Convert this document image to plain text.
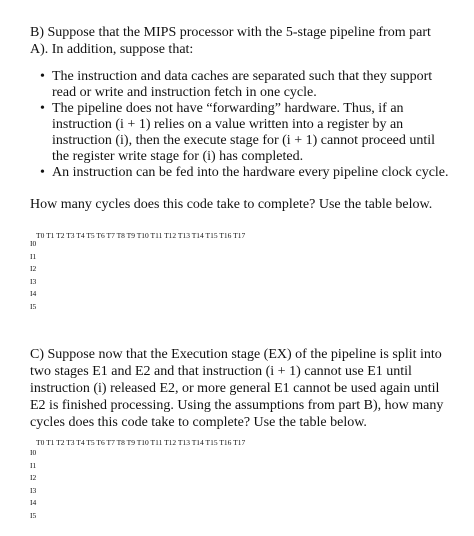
B) Suppose that the MIPS processor with the 5-stage pipeline from part A). In addition, suppose that:

• The instruction and data caches are separated such that they support read or write and instruction fetch in one cycle.
• The pipeline does not have “forwarding” hardware. Thus, if an instruction (i + 1) relies on a value written into a register by an instruction (i), then the execute stage for (i + 1) cannot proceed until the register write stage for (i) has completed.
• An instruction can be fed into the hardware every pipeline clock cycle.

How many cycles does this code take to complete? Use the table below.

T0 T1 T2 T3 T4 T5 T6 T7 T8 T9 T10 T11 T12 T13 T14 T15 T16 T17
I0
I1
I2
I3
I4
I5

C) Suppose now that the Execution stage (EX) of the pipeline is split into two stages E1 and E2 and that instruction (i + 1) cannot use E1 until instruction (i) released E2, or more general E1 cannot be used again until E2 is finished processing. Using the assumptions from part B), how many cycles does this code take to complete? Use the table below.

T0 T1 T2 T3 T4 T5 T6 T7 T8 T9 T10 T11 T12 T13 T14 T15 T16 T17
I0
I1
I2
I3
I4
I5
